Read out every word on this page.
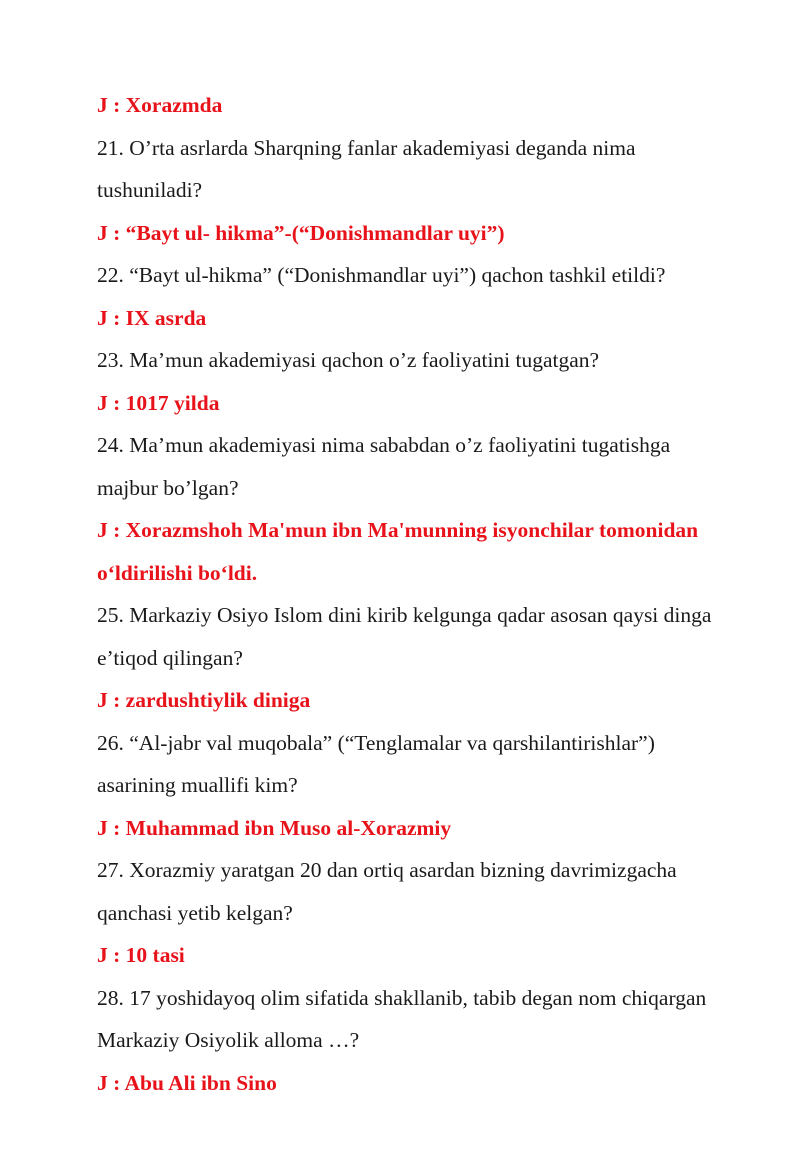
J : Xorazmda
21. O’rta asrlarda Sharqning fanlar akademiyasi deganda nima
tushuniladi?
J : “Bayt ul- hikma”-(“Donishmandlar uyi”)
22. “Bayt ul-hikma” (“Donishmandlar uyi”) qachon tashkil etildi?
J : IX asrda
23. Ma’mun akademiyasi qachon o’z faoliyatini tugatgan?
J : 1017 yilda
24. Ma’mun akademiyasi nima sababdan o’z faoliyatini tugatishga
majbur bo’lgan?
J : Xorazmshoh Ma'mun ibn Ma'munning isyonchilar tomonidan
o‘ldirilishi bo‘ldi.
25. Markaziy Osiyo Islom dini kirib kelgunga qadar asosan qaysi dinga
e’tiqod qilingan?
J : zardushtiylik diniga
26. “Al-jabr val muqobala” (“Tenglamalar va qarshilantirishlar”)
asarining muallifi kim?
J : Muhammad ibn Muso al-Xorazmiy
27. Xorazmiy yaratgan 20 dan ortiq asardan bizning davrimizgacha
qanchasi yetib kelgan?
J : 10 tasi
28. 17 yoshidayoq olim sifatida shakllanib, tabib degan nom chiqargan
Markaziy Osiyolik alloma …?
J : Abu Ali ibn Sino
